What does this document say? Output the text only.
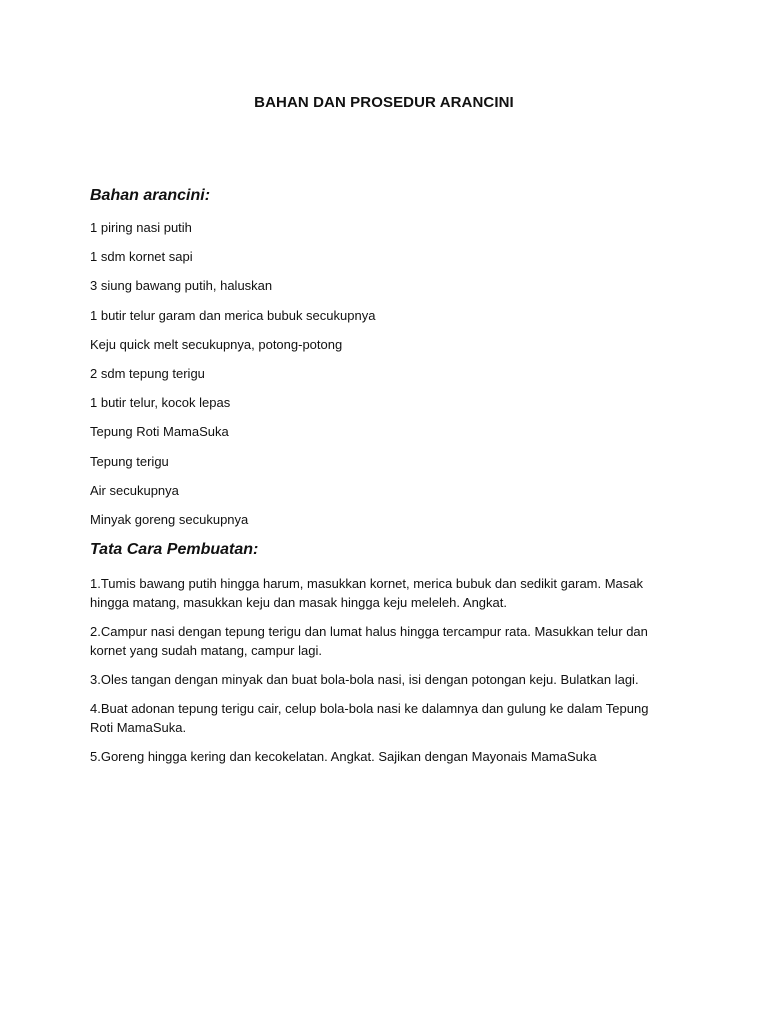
BAHAN DAN PROSEDUR ARANCINI
Bahan arancini:
1 piring nasi putih
1 sdm kornet sapi
3 siung bawang putih, haluskan
1 butir telur garam dan merica bubuk secukupnya
Keju quick melt secukupnya, potong-potong
2 sdm tepung terigu
1 butir telur, kocok lepas
Tepung Roti MamaSuka
Tepung terigu
Air secukupnya
Minyak goreng secukupnya
Tata Cara Pembuatan:
1.Tumis bawang putih hingga harum, masukkan kornet, merica bubuk dan sedikit garam. Masak hingga matang, masukkan keju dan masak hingga keju meleleh. Angkat.
2.Campur nasi dengan tepung terigu dan lumat halus hingga tercampur rata. Masukkan telur dan kornet yang sudah matang, campur lagi.
3.Oles tangan dengan minyak dan buat bola-bola nasi, isi dengan potongan keju. Bulatkan lagi.
4.Buat adonan tepung terigu cair, celup bola-bola nasi ke dalamnya dan gulung ke dalam Tepung Roti MamaSuka.
5.Goreng hingga kering dan kecokelatan. Angkat. Sajikan dengan Mayonais MamaSuka
